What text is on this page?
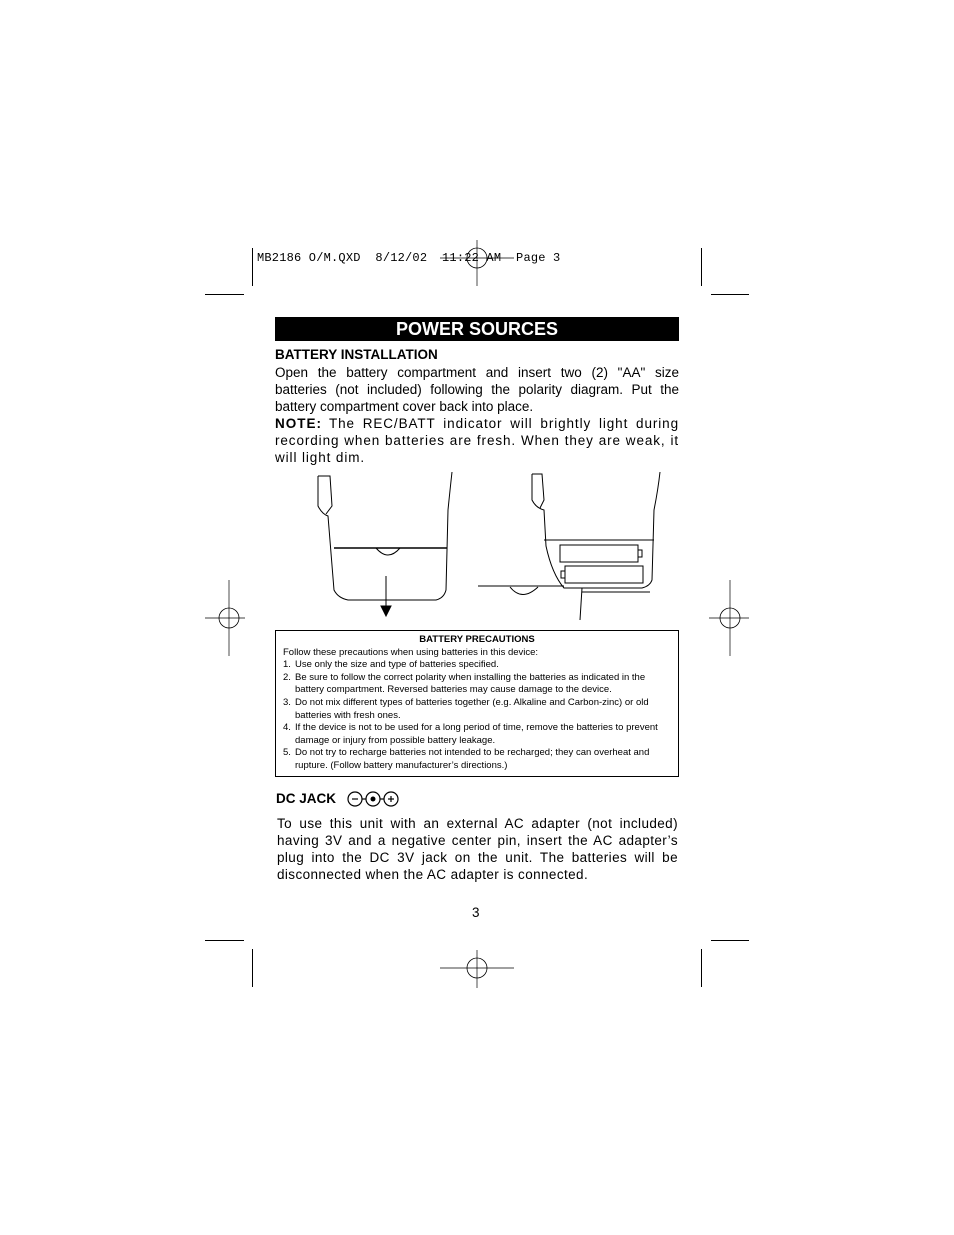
MB2186 O/M.QXD  8/12/02  11:22 AM  Page 3
POWER SOURCES
BATTERY INSTALLATION
Open the battery compartment and insert two (2) "AA" size batteries (not included) following the polarity diagram. Put the battery compartment cover back into place.
NOTE: The REC/BATT indicator will brightly light during recording when batteries are fresh. When they are weak, it will light dim.
BATTERY PRECAUTIONS
Follow these precautions when using batteries in this device:
1. Use only the size and type of batteries specified.
2. Be sure to follow the correct polarity when installing the batteries as indicated in the battery compartment. Reversed batteries may cause damage to the device.
3. Do not mix different types of batteries together (e.g. Alkaline and Carbon-zinc) or old batteries with fresh ones.
4. If the device is not to be used for a long period of time, remove the batteries to prevent damage or injury from possible battery leakage.
5. Do not try to recharge batteries not intended to be recharged; they can overheat and rupture. (Follow battery manufacturer’s directions.)
DC JACK
To use this unit with an external AC adapter (not included) having 3V and a negative center pin, insert the AC adapter’s plug into the DC 3V jack on the unit. The batteries will be disconnected when the AC adapter is connected.
3
